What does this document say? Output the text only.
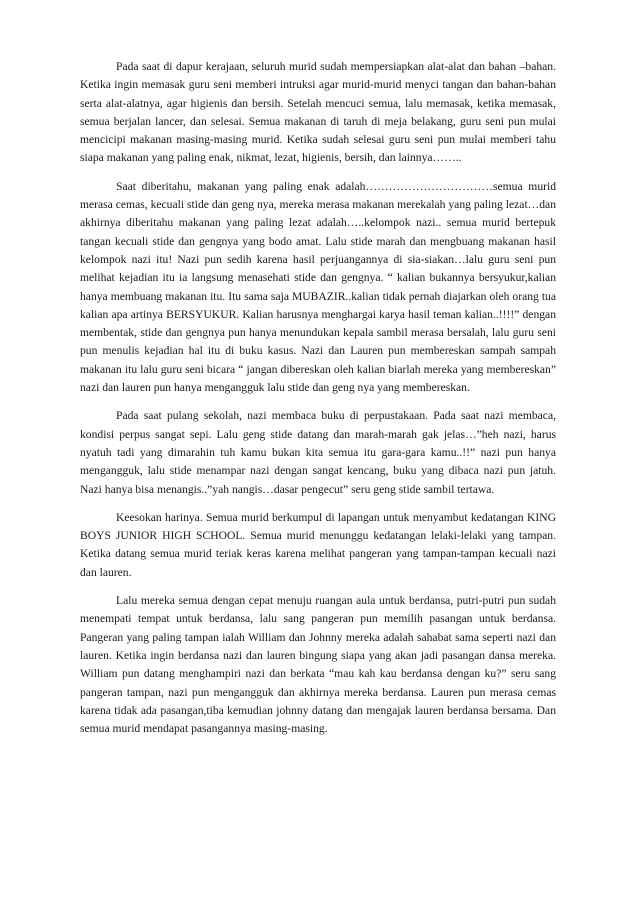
Pada saat di dapur kerajaan, seluruh murid sudah mempersiapkan alat-alat dan bahan –bahan. Ketika ingin memasak guru seni memberi intruksi agar murid-murid menyci tangan dan bahan-bahan serta alat-alatnya, agar higienis dan bersih. Setelah mencuci semua, lalu memasak, ketika memasak, semua berjalan lancer, dan selesai. Semua makanan di taruh di meja belakang, guru seni pun mulai mencicipi makanan masing-masing murid. Ketika sudah selesai guru seni pun mulai memberi tahu siapa makanan yang paling enak, nikmat, lezat, higienis, bersih, dan lainnya……..

Saat diberitahu, makanan yang paling enak adalah……………………………semua murid merasa cemas, kecuali stide dan geng nya, mereka merasa makanan merekalah yang paling lezat…dan akhirnya diberitahu makanan yang paling lezat adalah…..kelompok nazi.. semua murid bertepuk tangan kecuali stide dan gengnya yang bodo amat. Lalu stide marah dan mengbuang makanan hasil kelompok nazi itu! Nazi pun sedih karena hasil perjuangannya di sia-siakan…lalu guru seni pun melihat kejadian itu ia langsung menasehati stide dan gengnya. “ kalian bukannya bersyukur,kalian hanya membuang makanan itu. Itu sama saja MUBAZIR..kalian tidak pernah diajarkan oleh orang tua kalian apa artinya BERSYUKUR. Kalian harusnya menghargai karya hasil teman kalian..!!!!” dengan membentak, stide dan gengnya pun hanya menundukan kepala sambil merasa bersalah, lalu guru seni pun menulis kejadian hal itu di buku kasus. Nazi dan Lauren pun membereskan sampah sampah makanan itu lalu guru seni bicara “ jangan dibereskan oleh kalian biarlah mereka yang membereskan” nazi dan lauren pun hanya mengangguk lalu stide dan geng nya yang membereskan.

Pada saat pulang sekolah, nazi membaca buku di perpustakaan. Pada saat nazi membaca, kondisi perpus sangat sepi. Lalu geng stide datang dan marah-marah gak jelas…”heh nazi, harus nyatuh tadi yang dimarahin tuh kamu bukan kita semua itu gara-gara kamu..!!” nazi pun hanya mengangguk, lalu stide menampar nazi dengan sangat kencang, buku yang dibaca nazi pun jatuh. Nazi hanya bisa menangis..”yah nangis…dasar pengecut” seru geng stide sambil tertawa.

Keesokan harinya. Semua murid berkumpul di lapangan untuk menyambut kedatangan KING BOYS JUNIOR HIGH SCHOOL. Semua murid menunggu kedatangan lelaki-lelaki yang tampan. Ketika datang semua murid teriak keras karena melihat pangeran yang tampan-tampan kecuali nazi dan lauren.

Lalu mereka semua dengan cepat menuju ruangan aula untuk berdansa, putri-putri pun sudah menempati tempat untuk berdansa, lalu sang pangeran pun memilih pasangan untuk berdansa. Pangeran yang paling tampan ialah William dan Johnny mereka adalah sahabat sama seperti nazi dan lauren. Ketika ingin berdansa nazi dan lauren bingung siapa yang akan jadi pasangan dansa mereka. William pun datang menghampiri nazi dan berkata “mau kah kau berdansa dengan ku?” seru sang pangeran tampan, nazi pun mengangguk dan akhirnya mereka berdansa. Lauren pun merasa cemas karena tidak ada pasangan,tiba kemudian johnny datang dan mengajak lauren berdansa bersama. Dan semua murid mendapat pasangannya masing-masing.
